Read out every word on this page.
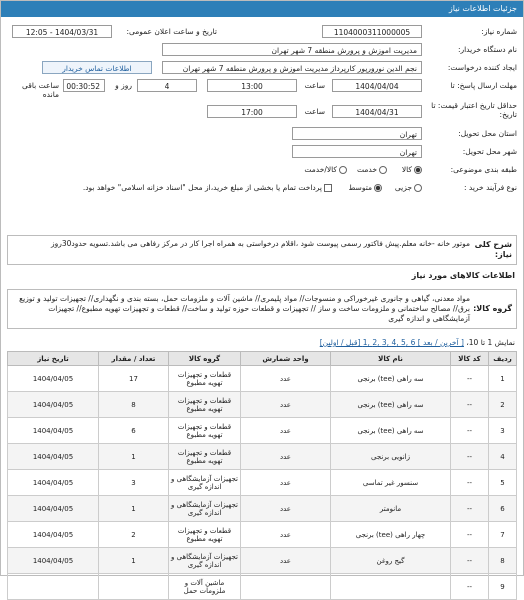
جزئیات اطلاعات نیاز
شماره نیاز:
1104000311000005
تاریخ و ساعت اعلان عمومی:
1404/03/31 - 12:05
نام دستگاه خریدار:
مدیریت اموزش و پرورش منطقه 7 شهر تهران
ایجاد کننده درخواست:
نجم الدین نورورپور کارپرداز مدیریت اموزش و پرورش منطقه 7 شهر تهران
اطلاعات تماس خریدار
مهلت ارسال پاسخ: تا
1404/04/04
ساعت
13:00
4
روز و
00:30:52
ساعت باقی مانده
حداقل تاریخ اعتبار قیمت: تا تاریخ:
1404/04/31
ساعت
17:00
استان محل تحویل:
تهران
شهر محل تحویل:
تهران
طبقه بندی موضوعی:
کالا
خدمت
کالا/خدمت
نوع فرآیند خرید :
جزیی
متوسط
پرداخت تمام یا بخشی از مبلغ خرید،از محل "اسناد خزانه اسلامی" خواهد بود.
شرح کلی نیاز:
موتور خانه -خانه معلم.پیش فاکتور رسمی پیوست شود ،اقلام درخواستی به همراه اجرا کار در مرکز رفاهی می باشد.تسویه حدود30روز
اطلاعات کالاهای مورد نیاز
گروه کالا:
مواد معدنی، گیاهی و جانوری غیرخوراکی و منسوجات// مواد پلیمری// ماشین آلات و ملزومات حمل، بسته بندی و نگهداری// تجهیزات تولید و توزیع برق// مصالح ساختمانی و ملزومات ساخت و ساز // تجهیزات و قطعات حوزه تولید و ساخت// قطعات و تجهیزات تهویه مطبوع// تجهیزات آزمایشگاهی و اندازه گیری
نمایش 1 تا 10، [ آخرین / بعد ] 6 ,5 ,4 ,3 ,2 ,1 [قبل / اولین]
ردیف	کد کالا	نام کالا	واحد شمارش	گروه کالا	تعداد / مقدار	تاریخ نیاز
1	--	سه راهی (tee) برنجی	عدد	قطعات و تجهیزات تهویه مطبوع	17	1404/04/05
2	--	سه راهی (tee) برنجی	عدد	قطعات و تجهیزات تهویه مطبوع	8	1404/04/05
3	--	سه راهی (tee) برنجی	عدد	قطعات و تجهیزات تهویه مطبوع	6	1404/04/05
4	--	زانویی برنجی	عدد	قطعات و تجهیزات تهویه مطبوع	1	1404/04/05
5	--	سنسور غیر تماسی	عدد	تجهیزات آزمایشگاهی و اندازه گیری	3	1404/04/05
6	--	مانومتر	عدد	تجهیزات آزمایشگاهی و اندازه گیری	1	1404/04/05
7	--	چهار راهی (tee) برنجی	عدد	قطعات و تجهیزات تهویه مطبوع	2	1404/04/05
8	--	گیج روغن	عدد	تجهیزات آزمایشگاهی و اندازه گیری	1	1404/04/05
9	--			ماشین آلات و ملزومات حمل		
